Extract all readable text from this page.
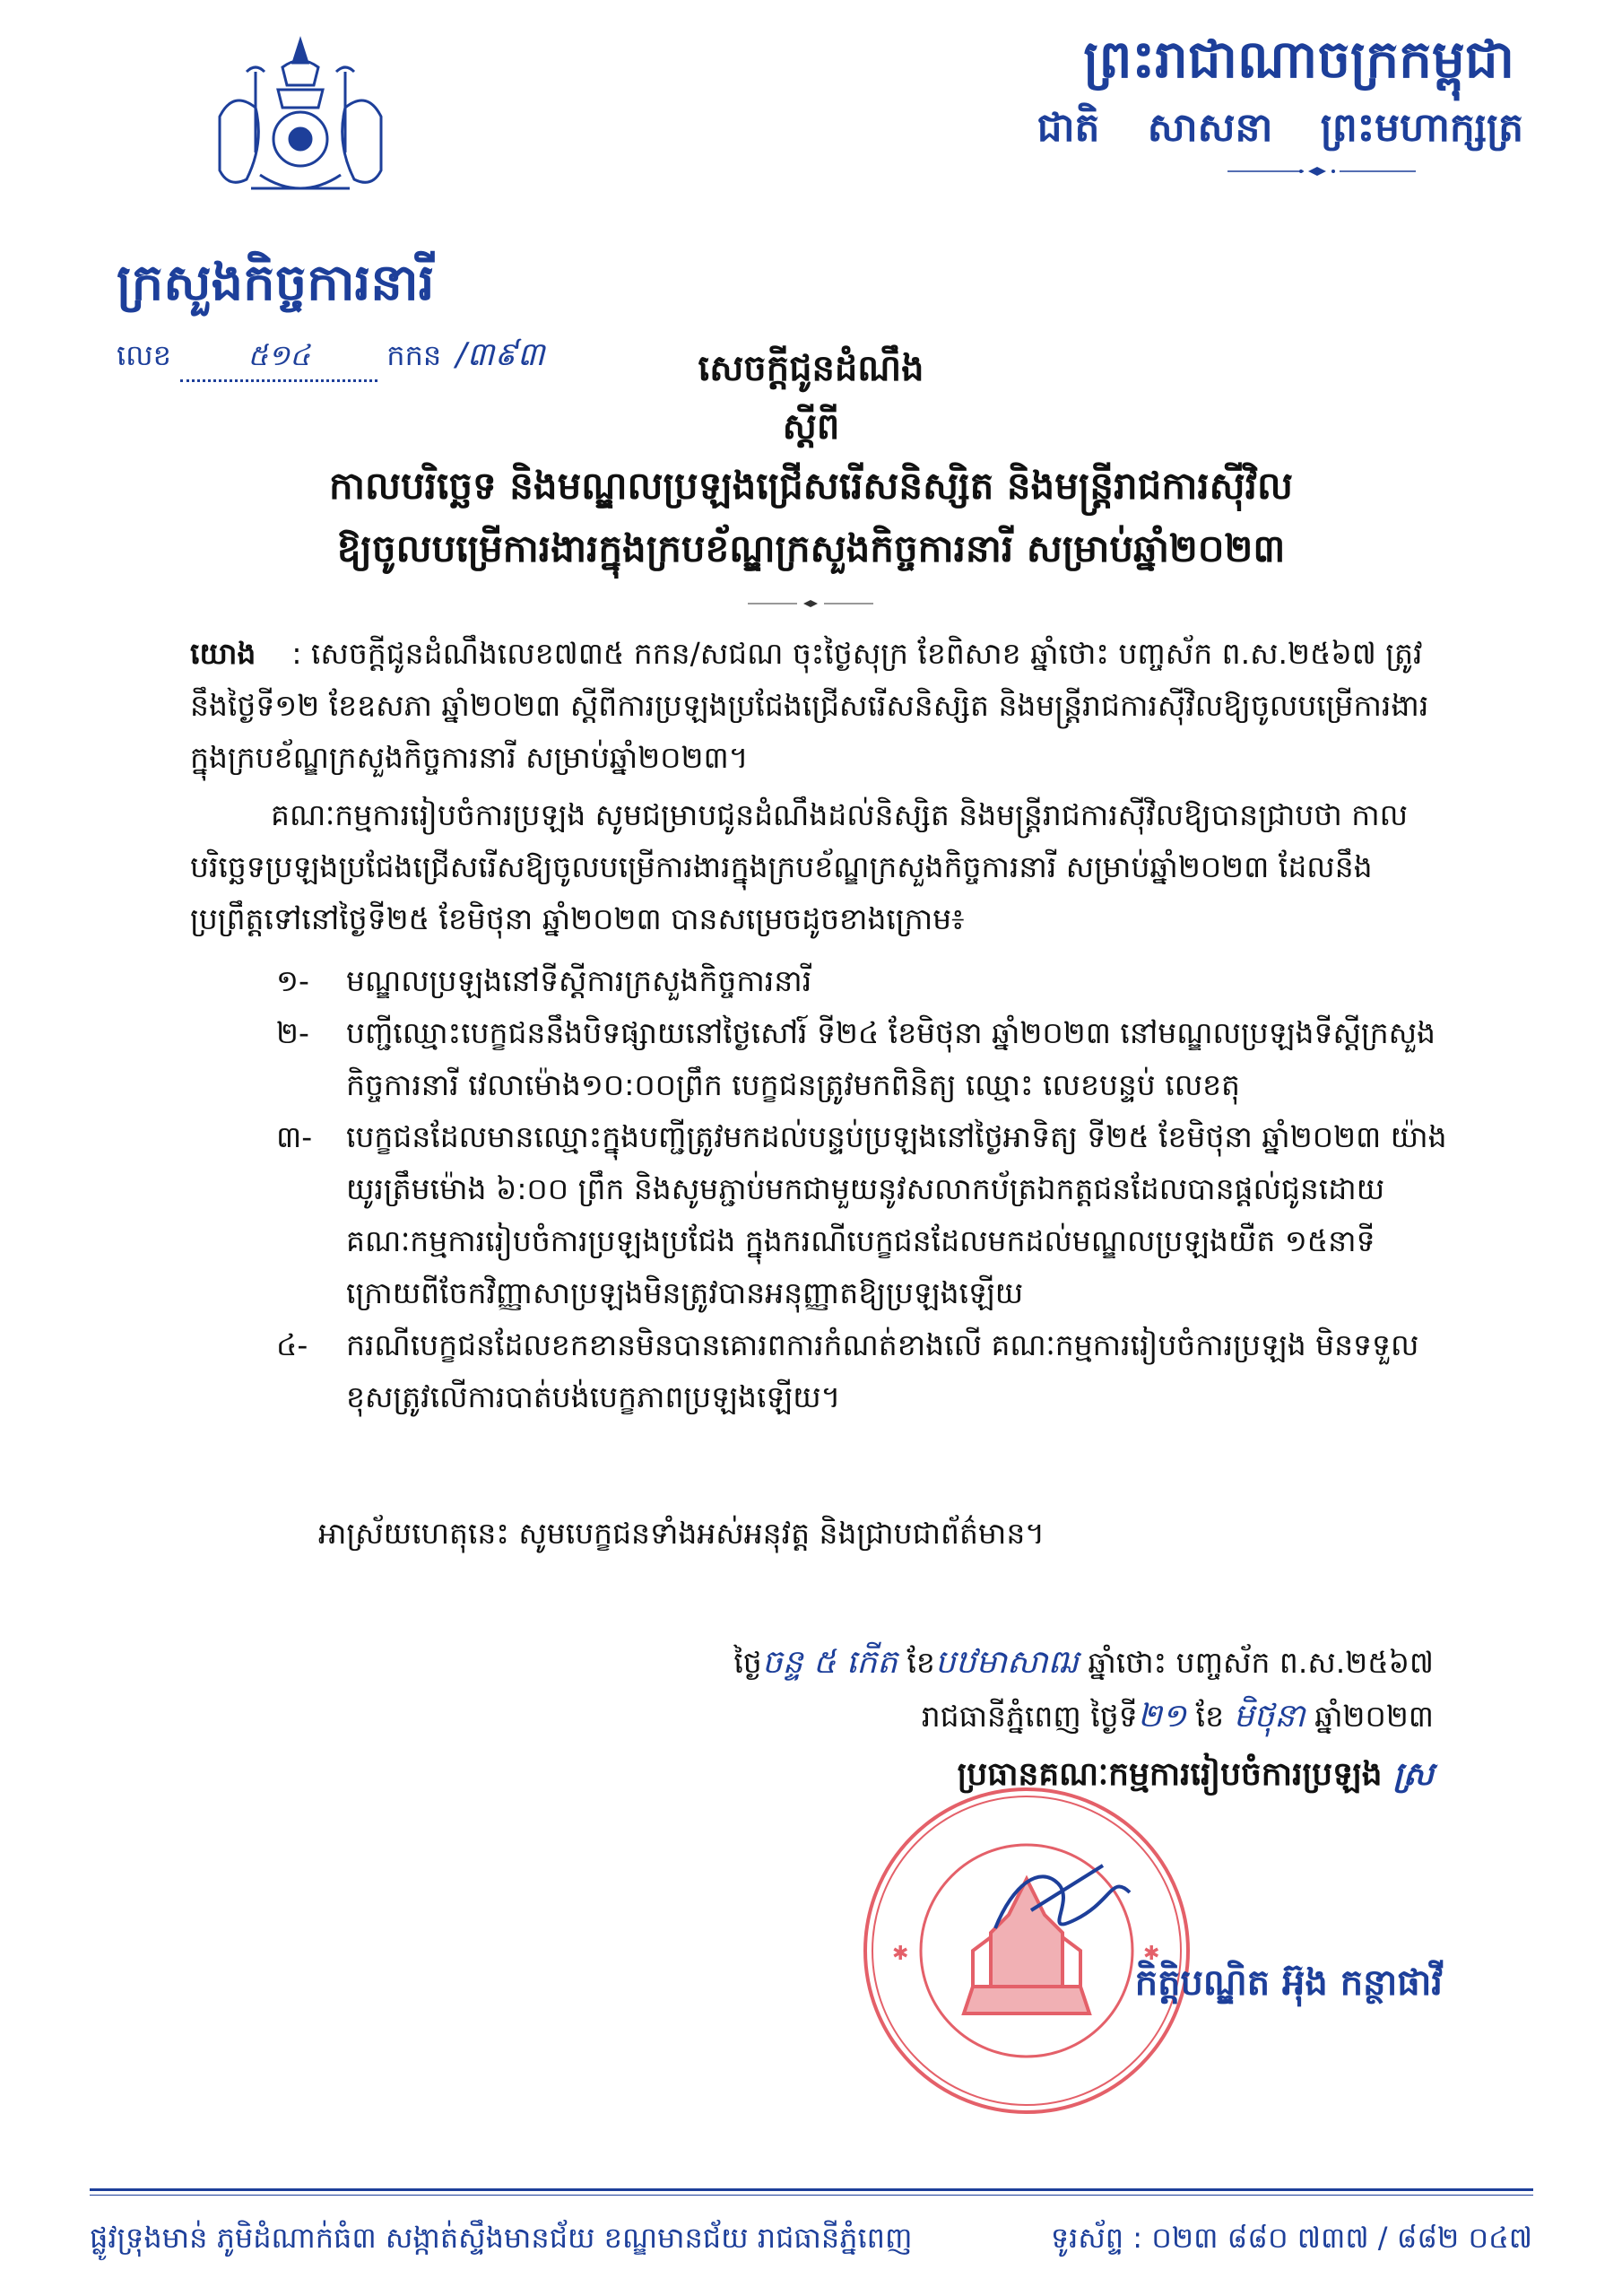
ព្រះរាជាណាចក្រកម្ពុជា
ជាតិ សាសនា ព្រះមហាក្សត្រ
ក្រសួងកិច្ចការនារី
លេខ	៥១៤	កកន /៣៩៣	សេចក្ដីជូនដំណឹង
ស្ដីពី
កាលបរិច្ឆេទ និងមណ្ឌលប្រឡងជ្រើសរើសនិស្សិត និងមន្ត្រីរាជការស៊ីវិល
ឱ្យចូលបម្រើការងារក្នុងក្របខ័ណ្ឌក្រសួងកិច្ចការនារី សម្រាប់ឆ្នាំ២០២៣
យោង : សេចក្ដីជូនដំណឹងលេខ៧៣៥ កកន/សជណ ចុះថ្ងៃសុក្រ ខែពិសាខ ឆ្នាំថោះ បញ្ចស័ក ព.ស.២៥៦៧ ត្រូវនឹងថ្ងៃទី១២ ខែឧសភា ឆ្នាំ២០២៣ ស្ដីពីការប្រឡងប្រជែងជ្រើសរើសនិស្សិត និងមន្ត្រីរាជការស៊ីវិលឱ្យចូលបម្រើការងារក្នុងក្របខ័ណ្ឌក្រសួងកិច្ចការនារី សម្រាប់ឆ្នាំ២០២៣។
គណៈកម្មការរៀបចំការប្រឡង សូមជម្រាបជូនដំណឹងដល់និស្សិត និងមន្ត្រីរាជការស៊ីវិលឱ្យបានជ្រាបថា កាលបរិច្ឆេទប្រឡងប្រជែងជ្រើសរើសឱ្យចូលបម្រើការងារក្នុងក្របខ័ណ្ឌក្រសួងកិច្ចការនារី សម្រាប់ឆ្នាំ២០២៣ ដែលនឹងប្រព្រឹត្តទៅនៅថ្ងៃទី២៥ ខែមិថុនា ឆ្នាំ២០២៣ បានសម្រេចដូចខាងក្រោម៖
១-	មណ្ឌលប្រឡងនៅទីស្ដីការក្រសួងកិច្ចការនារី
២-	បញ្ជីឈ្មោះបេក្ខជននឹងបិទផ្សាយនៅថ្ងៃសៅរ៍ ទី២៤ ខែមិថុនា ឆ្នាំ២០២៣ នៅមណ្ឌលប្រឡងទីស្ដីក្រសួងកិច្ចការនារី វេលាម៉ោង១០:០០ព្រឹក បេក្ខជនត្រូវមកពិនិត្យ ឈ្មោះ លេខបន្ទប់ លេខតុ
៣-	បេក្ខជនដែលមានឈ្មោះក្នុងបញ្ជីត្រូវមកដល់បន្ទប់ប្រឡងនៅថ្ងៃអាទិត្យ ទី២៥ ខែមិថុនា ឆ្នាំ២០២៣ យ៉ាងយូរត្រឹមម៉ោង ៦:០០ ព្រឹក និងសូមភ្ជាប់មកជាមួយនូវសលាកប័ត្រឯកត្តជនដែលបានផ្ដល់ជូនដោយគណៈកម្មការរៀបចំការប្រឡងប្រជែង ក្នុងករណីបេក្ខជនដែលមកដល់មណ្ឌលប្រឡងយឺត ១៥នាទីក្រោយពីចែកវិញ្ញាសាប្រឡងមិនត្រូវបានអនុញ្ញាតឱ្យប្រឡងឡើយ
៤-	ករណីបេក្ខជនដែលខកខានមិនបានគោរពការកំណត់ខាងលើ គណៈកម្មការរៀបចំការប្រឡង មិនទទួលខុសត្រូវលើការបាត់បង់បេក្ខភាពប្រឡងឡើយ។
អាស្រ័យហេតុនេះ សូមបេក្ខជនទាំងអស់អនុវត្ត និងជ្រាបជាព័ត៌មាន។
ថ្ងៃចន្ទ ៥ កើត ខែបឋមាសាឍ ឆ្នាំថោះ បញ្ចស័ក ព.ស.២៥៦៧
រាជធានីភ្នំពេញ ថ្ងៃទី២១ ខែ មិថុនា ឆ្នាំ២០២៣
ប្រធានគណៈកម្មការរៀបចំការប្រឡង ស្រ
✱	✱
កិត្តិបណ្ឌិត អ៊ុង កន្ថាផាវី
ផ្លូវទ្រុងមាន់ ភូមិដំណាក់ធំ៣ សង្កាត់ស្ទឹងមានជ័យ ខណ្ឌមានជ័យ រាជធានីភ្នំពេញ	ទូរស័ព្ទ : ០២៣ ៨៨០ ៧៣៧ / ៨៨២ ០៤៧
